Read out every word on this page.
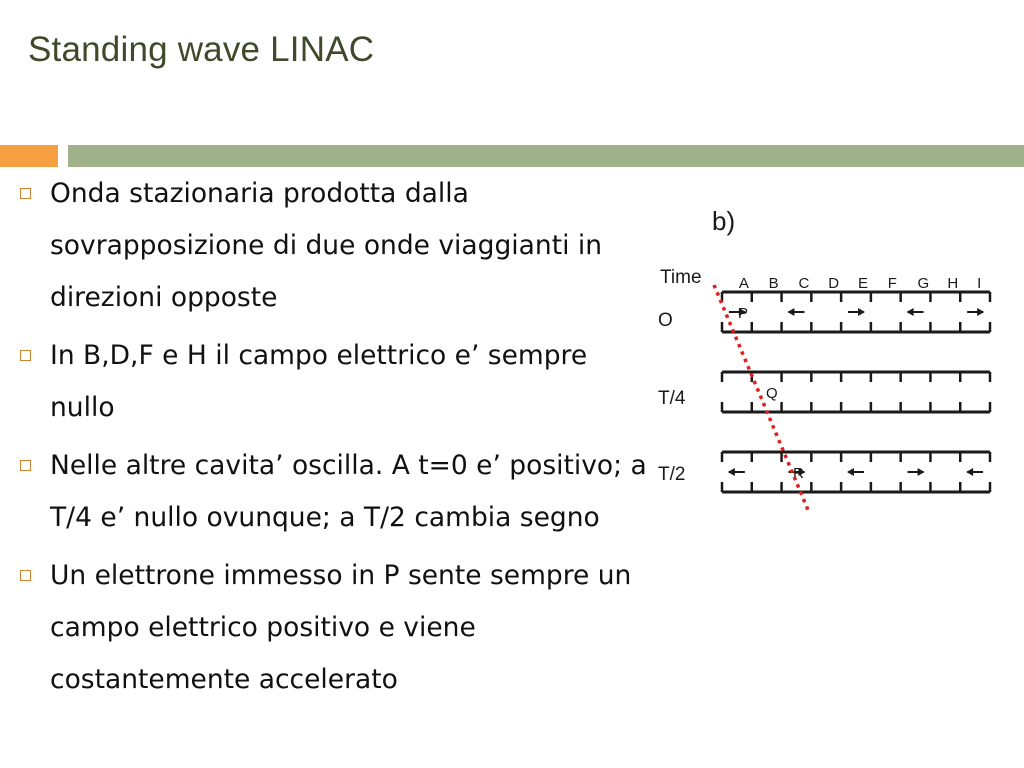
Standing wave LINAC
Onda stazionaria prodotta dalla sovrapposizione di due onde viaggianti in direzioni opposte
In B,D,F e H il campo elettrico e’ sempre nullo
Nelle altre cavita’ oscilla. A t=0 e’ positivo; a T/4 e’ nullo ovunque; a T/2 cambia segno
Un elettrone immesso in P sente sempre un campo elettrico positivo e viene costantemente accelerato
b)
Time A B C D E F G H I
P
O
Q
T/4
R
T/2
